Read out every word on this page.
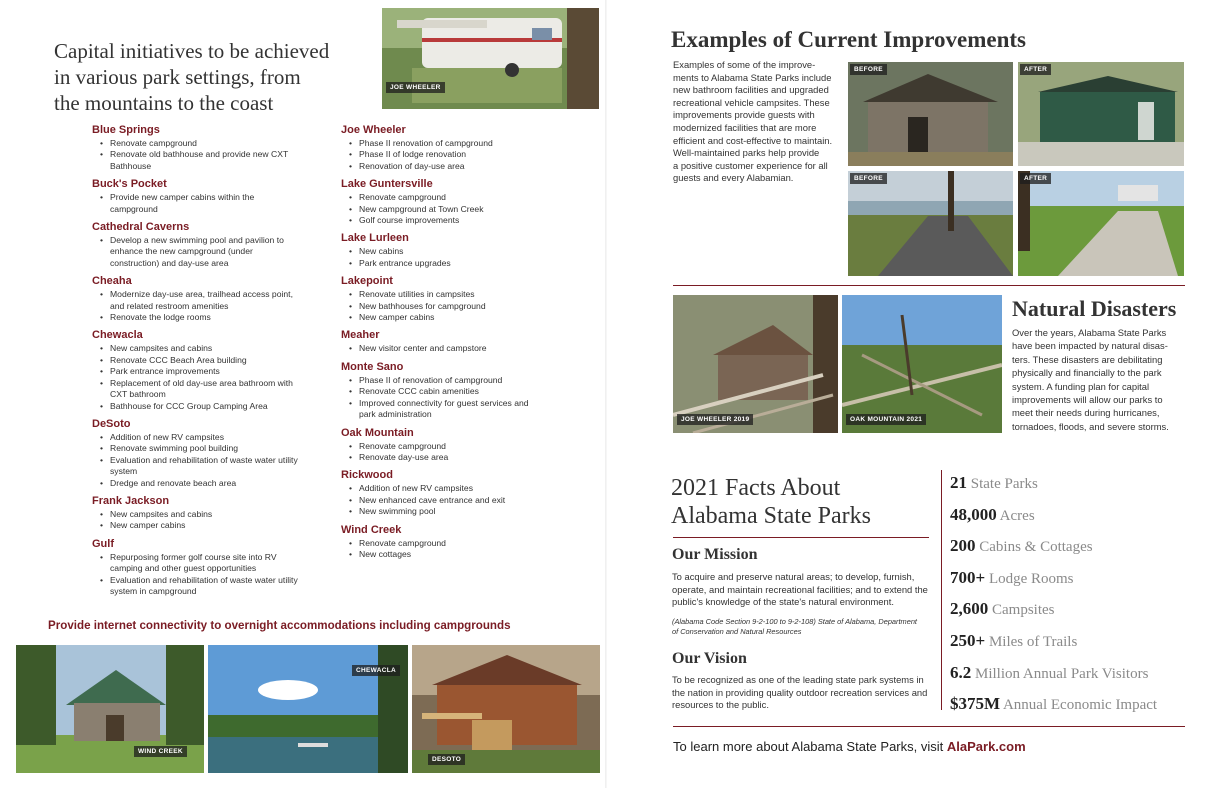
Capital initiatives to be achieved
in various park settings, from
the mountains to the coast
JOE WHEELER
Blue Springs
• Renovate campground
• Renovate old bathhouse and provide new CXT Bathhouse
Buck's Pocket
• Provide new camper cabins within the campground
Cathedral Caverns
• Develop a new swimming pool and pavilion to enhance the new campground (under construction) and day-use area
Cheaha
• Modernize day-use area, trailhead access point, and related restroom amenities
• Renovate the lodge rooms
Chewacla
• New campsites and cabins
• Renovate CCC Beach Area building
• Park entrance improvements
• Replacement of old day-use area bathroom with CXT bathroom
• Bathhouse for CCC Group Camping Area
DeSoto
• Addition of new RV campsites
• Renovate swimming pool building
• Evaluation and rehabilitation of waste water utility system
• Dredge and renovate beach area
Frank Jackson
• New campsites and cabins
• New camper cabins
Gulf
• Repurposing former golf course site into RV camping and other guest opportunities
• Evaluation and rehabilitation of waste water utility system in campground
Joe Wheeler
• Phase II renovation of campground
• Phase II of lodge renovation
• Renovation of day-use area
Lake Guntersville
• Renovate campground
• New campground at Town Creek
• Golf course improvements
Lake Lurleen
• New cabins
• Park entrance upgrades
Lakepoint
• Renovate utilities in campsites
• New bathhouses for campground
• New camper cabins
Meaher
• New visitor center and campstore
Monte Sano
• Phase II of renovation of campground
• Renovate CCC cabin amenities
• Improved connectivity for guest services and park administration
Oak Mountain
• Renovate campground
• Renovate day-use area
Rickwood
• Addition of new RV campsites
• New enhanced cave entrance and exit
• New swimming pool
Wind Creek
• Renovate campground
• New cottages
Provide internet connectivity to overnight accommodations including campgrounds
WIND CREEK
CHEWACLA
DESOTO
Examples of Current Improvements
Examples of some of the improve-
ments to Alabama State Parks include
new bathroom facilities and upgraded
recreational vehicle campsites. These
improvements provide guests with
modernized facilities that are more
efficient and cost-effective to maintain.
Well-maintained parks help provide
a positive customer experience for all
guests and every Alabamian.
BEFORE	AFTER
BEFORE	AFTER
JOE WHEELER 2019	OAK MOUNTAIN 2021
Natural Disasters
Over the years, Alabama State Parks
have been impacted by natural disas-
ters. These disasters are debilitating
physically and financially to the park
system. A funding plan for capital
improvements will allow our parks to
meet their needs during hurricanes,
tornadoes, floods, and severe storms.
2021 Facts About
Alabama State Parks
Our Mission
To acquire and preserve natural areas; to develop, furnish,
operate, and maintain recreational facilities; and to extend the
public's knowledge of the state's natural environment.
(Alabama Code Section 9-2-100 to 9-2-108) State of Alabama, Department
of Conservation and Natural Resources
Our Vision
To be recognized as one of the leading state park systems in
the nation in providing quality outdoor recreation services and
resources to the public.
21 State Parks
48,000 Acres
200 Cabins & Cottages
700+ Lodge Rooms
2,600 Campsites
250+ Miles of Trails
6.2 Million Annual Park Visitors
$375M Annual Economic Impact
To learn more about Alabama State Parks, visit AlaPark.com
